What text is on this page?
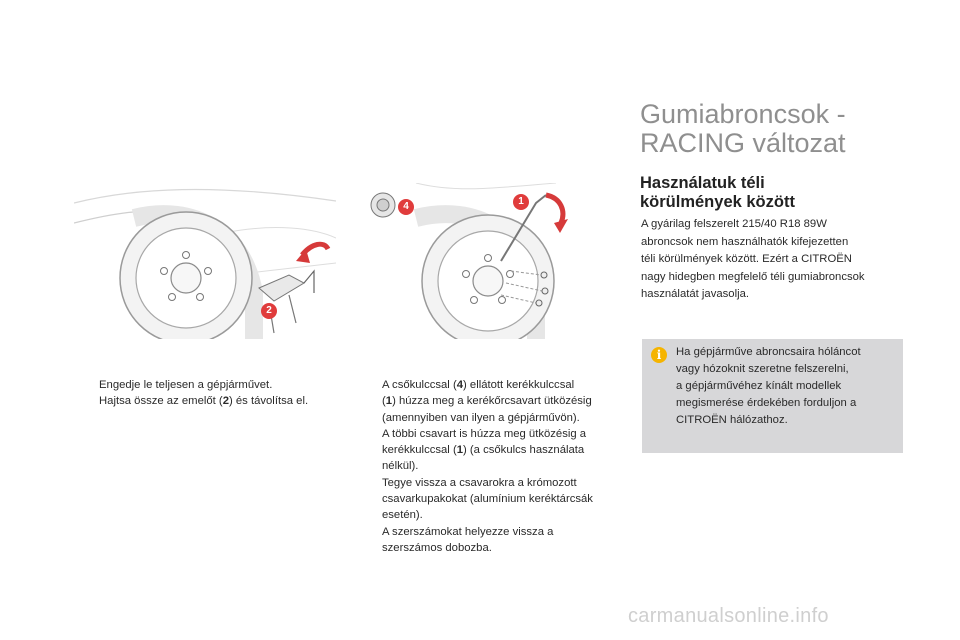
2
4	1
Engedje le teljesen a gépjárművet.
Hajtsa össze az emelőt (2) és távolítsa el.
A csőkulccsal (4) ellátott kerékkulccsal
(1) húzza meg a kerékőrcsavart ütközésig
(amennyiben van ilyen a gépjárművön).
A többi csavart is húzza meg ütközésig a
kerékkulccsal (1) (a csőkulcs használata
nélkül).
Tegye vissza a csavarokra a krómozott
csavarkupakokat (alumínium keréktárcsák
esetén).
A szerszámokat helyezze vissza a
szerszámos dobozba.
Gumiabroncsok -
RACING változat
Használatuk téli
körülmények között
A gyárilag felszerelt 215/40 R18 89W
abroncsok nem használhatók kifejezetten
téli körülmények között. Ezért a CITROËN
nagy hidegben megfelelő téli gumiabroncsok
használatát javasolja.
i	Ha gépjárműve abroncsaira hóláncot
vagy hózoknit szeretne felszerelni,
a gépjárművéhez kínált modellek
megismerése érdekében forduljon a
CITROËN hálózathoz.
carmanualsonline.info
